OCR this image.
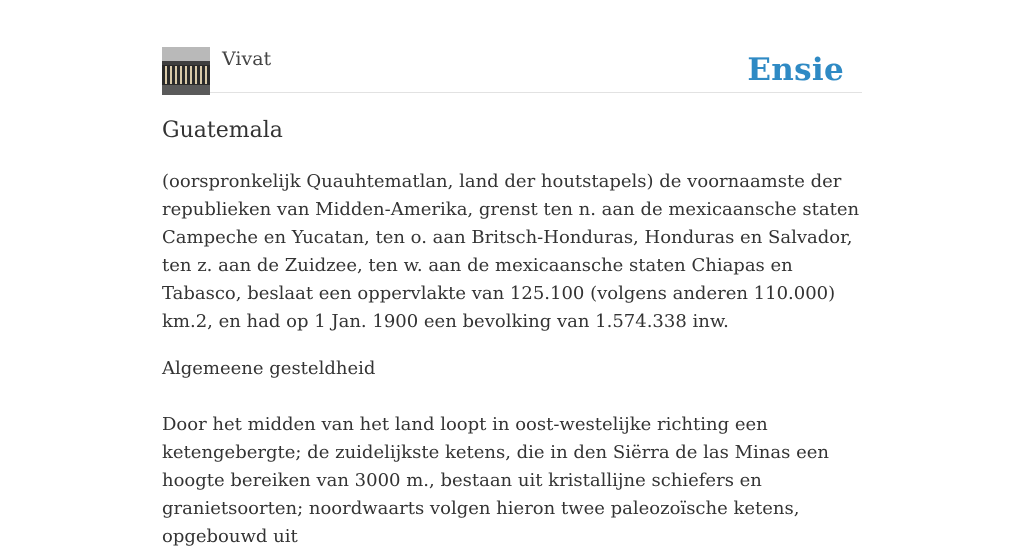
Vivat	Ensie
Guatemala

(oorspronkelijk Quauhtematlan, land der houtstapels) de voornaamste der republieken van Midden-Amerika, grenst ten n. aan de mexicaansche staten Campeche en Yucatan, ten o. aan Britsch-Honduras, Honduras en Salvador, ten z. aan de Zuidzee, ten w. aan de mexicaansche staten Chiapas en Tabasco, beslaat een oppervlakte van 125.100 (volgens anderen 110.000) km.2, en had op 1 Jan. 1900 een bevolking van 1.574.338 inw.

Algemeene gesteldheid

Door het midden van het land loopt in oost-westelijke richting een ketengebergte; de zuidelijkste ketens, die in den Siërra de las Minas een hoogte bereiken van 3000 m., bestaan uit kristallijne schiefers en granietsoorten; noordwaarts volgen hieron twee paleozoïsche ketens, opgebouwd uit
